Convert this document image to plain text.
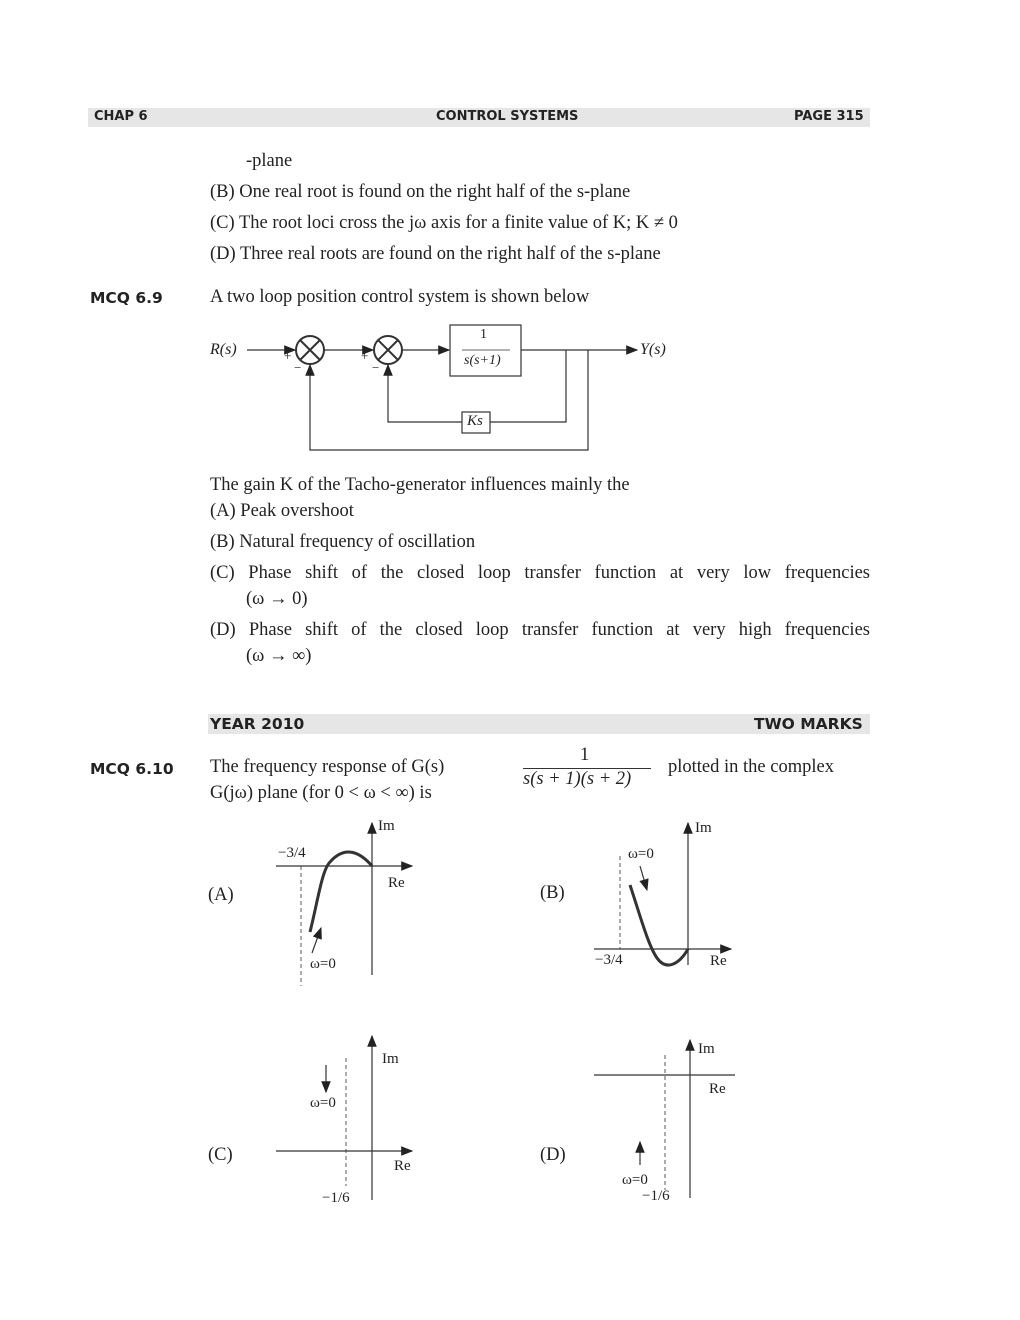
CHAP 6	CONTROL SYSTEMS	PAGE 315
-plane
(B) One real root is found on the right half of the s-plane
(C) The root loci cross the jω axis for a finite value of K; K ≠ 0
(D) Three real roots are found on the right half of the s-plane
MCQ 6.9	A two loop position control system is shown below
R(s)	Y(s)
1
s(s+1)
Ks
+
−
+
−
The gain K of the Tacho-generator influences mainly the
(A) Peak overshoot
(B) Natural frequency of oscillation
(C) Phase shift of the closed loop transfer function at very low frequencies
(ω → 0)
(D) Phase shift of the closed loop transfer function at very high frequencies
(ω → ∞)
YEAR 2010	TWO MARKS
MCQ 6.10 The frequency response of G(s)
1
s(s + 1)(s + 2)
plotted in the complex
G(jω) plane (for 0 < ω < ∞) is
(A)
−3/4
Im
Re
ω=0
(B)
Im
ω=0
−3/4	Re
(C)
Im
ω=0
Re
−1/6
(D)
Im
Re
ω=0
−1/6
